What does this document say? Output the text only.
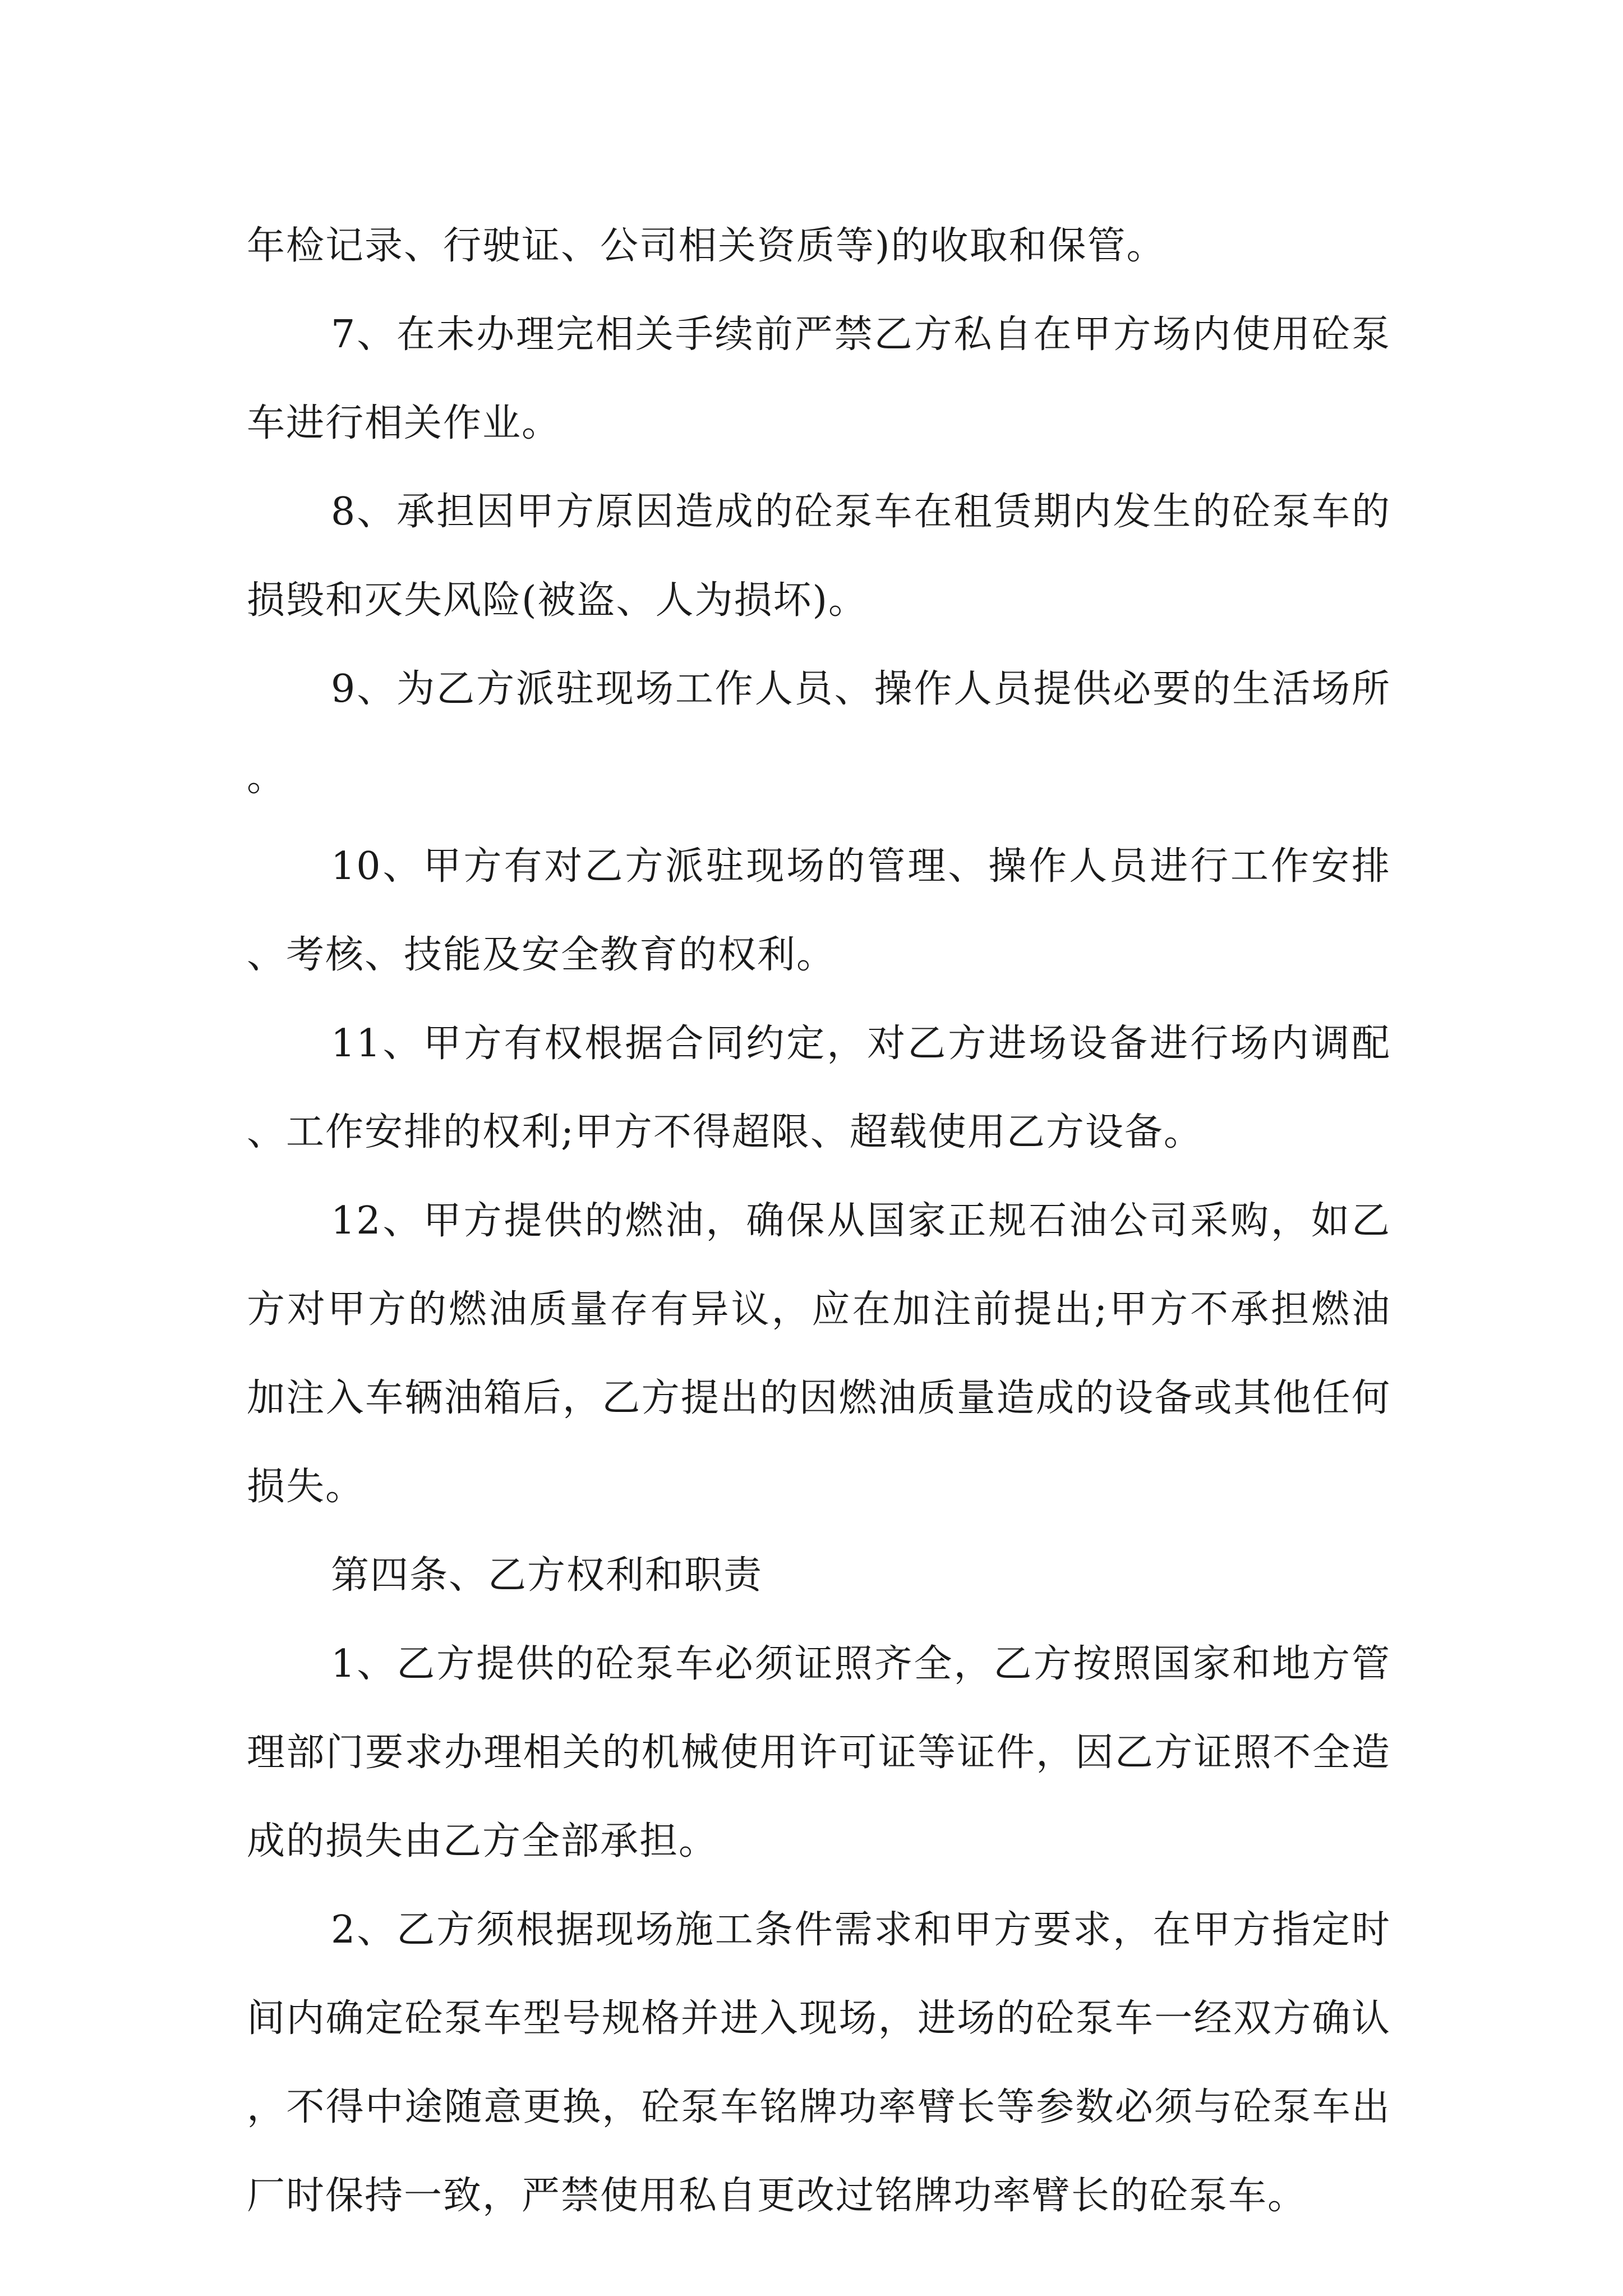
年检记录、行驶证、公司相关资质等)的收取和保管。

7、在未办理完相关手续前严禁乙方私自在甲方场内使用砼泵车进行相关作业。

8、承担因甲方原因造成的砼泵车在租赁期内发生的砼泵车的损毁和灭失风险(被盗、人为损坏)。

9、为乙方派驻现场工作人员、操作人员提供必要的生活场所。

10、甲方有对乙方派驻现场的管理、操作人员进行工作安排、考核、技能及安全教育的权利。

11、甲方有权根据合同约定，对乙方进场设备进行场内调配、工作安排的权利;甲方不得超限、超载使用乙方设备。

12、甲方提供的燃油，确保从国家正规石油公司采购，如乙方对甲方的燃油质量存有异议，应在加注前提出;甲方不承担燃油加注入车辆油箱后，乙方提出的因燃油质量造成的设备或其他任何损失。

第四条、乙方权利和职责

1、乙方提供的砼泵车必须证照齐全，乙方按照国家和地方管理部门要求办理相关的机械使用许可证等证件，因乙方证照不全造成的损失由乙方全部承担。

2、乙方须根据现场施工条件需求和甲方要求，在甲方指定时间内确定砼泵车型号规格并进入现场，进场的砼泵车一经双方确认，不得中途随意更换，砼泵车铭牌功率臂长等参数必须与砼泵车出厂时保持一致，严禁使用私自更改过铭牌功率臂长的砼泵车。
